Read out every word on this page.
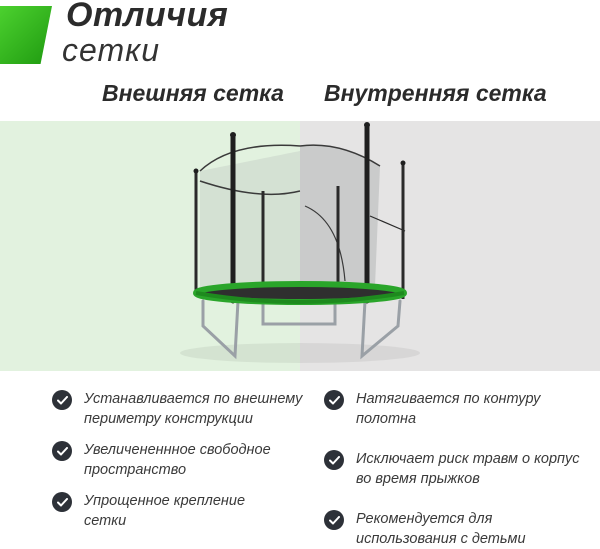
Отличия
сетки
Внешняя сетка Внутренняя сетка
Устанавливается по внешнему
периметру конструкции
Увеличененнное свободное
пространство
Упрощенное крепление
сетки
Натягивается по контуру
полотна
Исключает риск травм о корпус
во время прыжков
Рекомендуется для
использования с детьми
